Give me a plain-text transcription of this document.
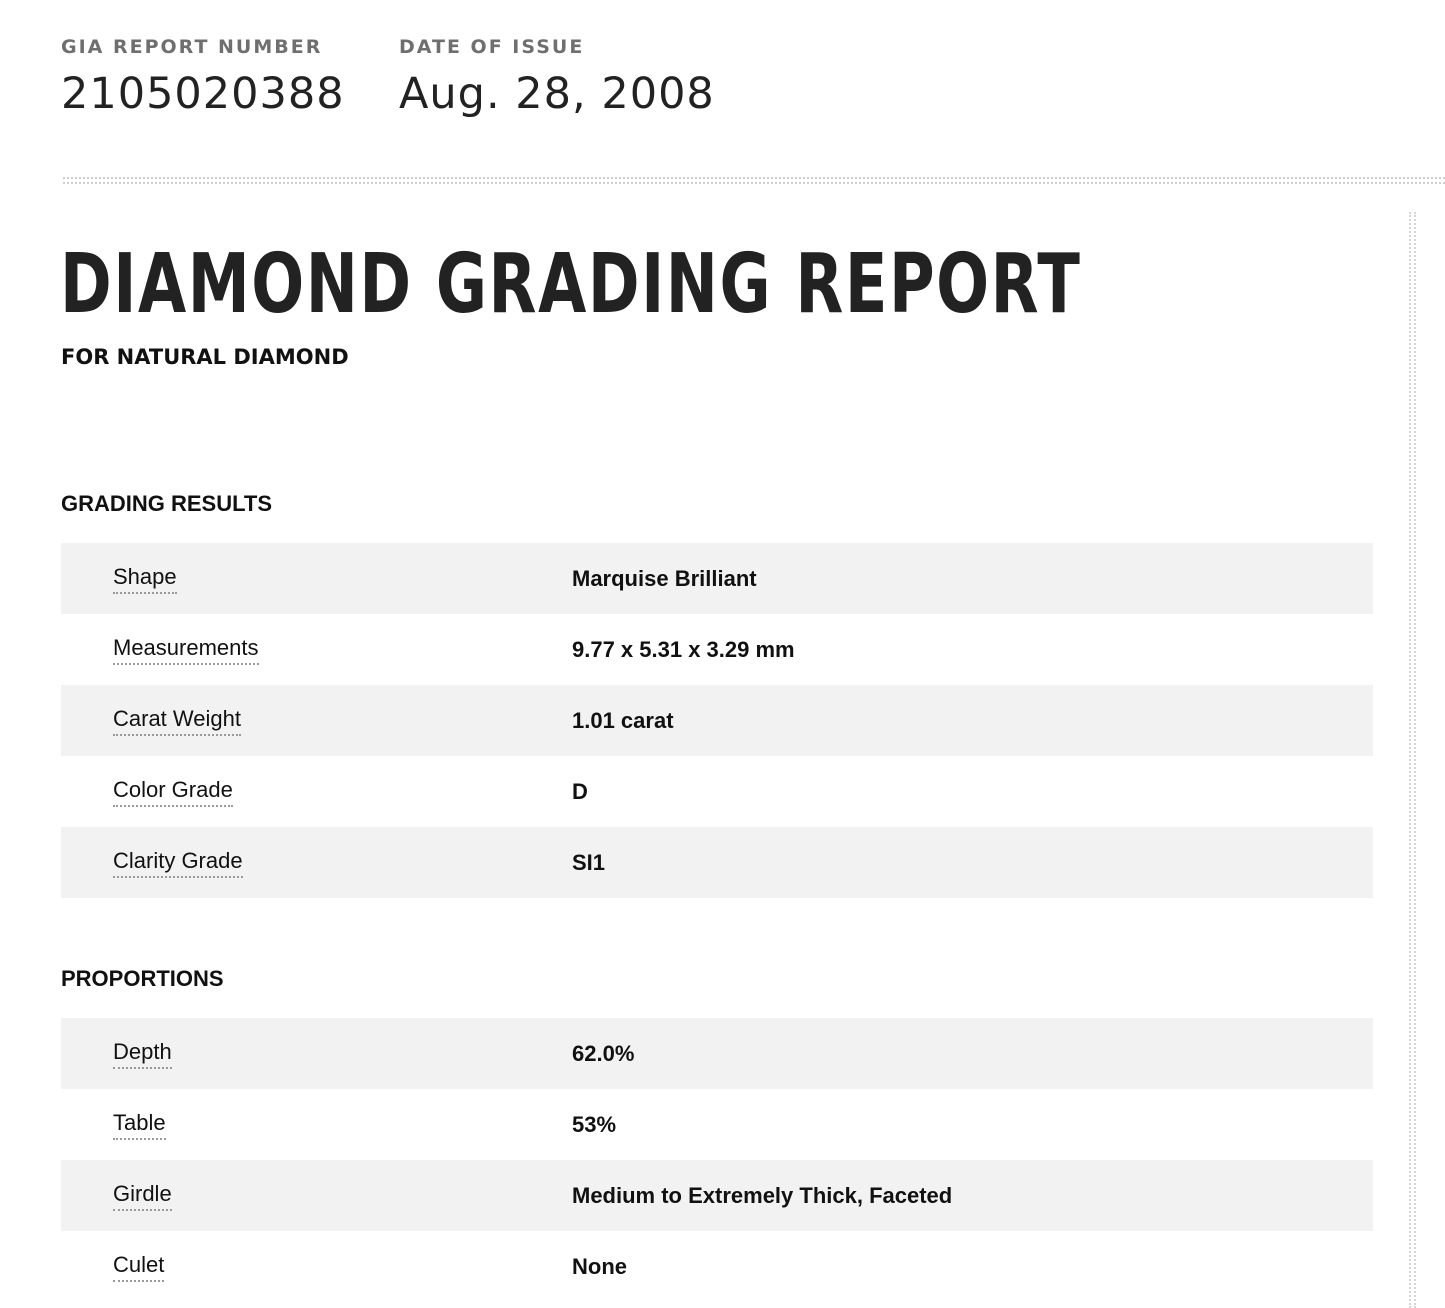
GIA REPORT NUMBER
2105020388
DATE OF ISSUE
Aug. 28, 2008
DIAMOND GRADING REPORT
FOR NATURAL DIAMOND
GRADING RESULTS
Shape	Marquise Brilliant
Measurements	9.77 x 5.31 x 3.29 mm
Carat Weight	1.01 carat
Color Grade	D
Clarity Grade	SI1
PROPORTIONS
Depth	62.0%
Table	53%
Girdle	Medium to Extremely Thick, Faceted
Culet	None
